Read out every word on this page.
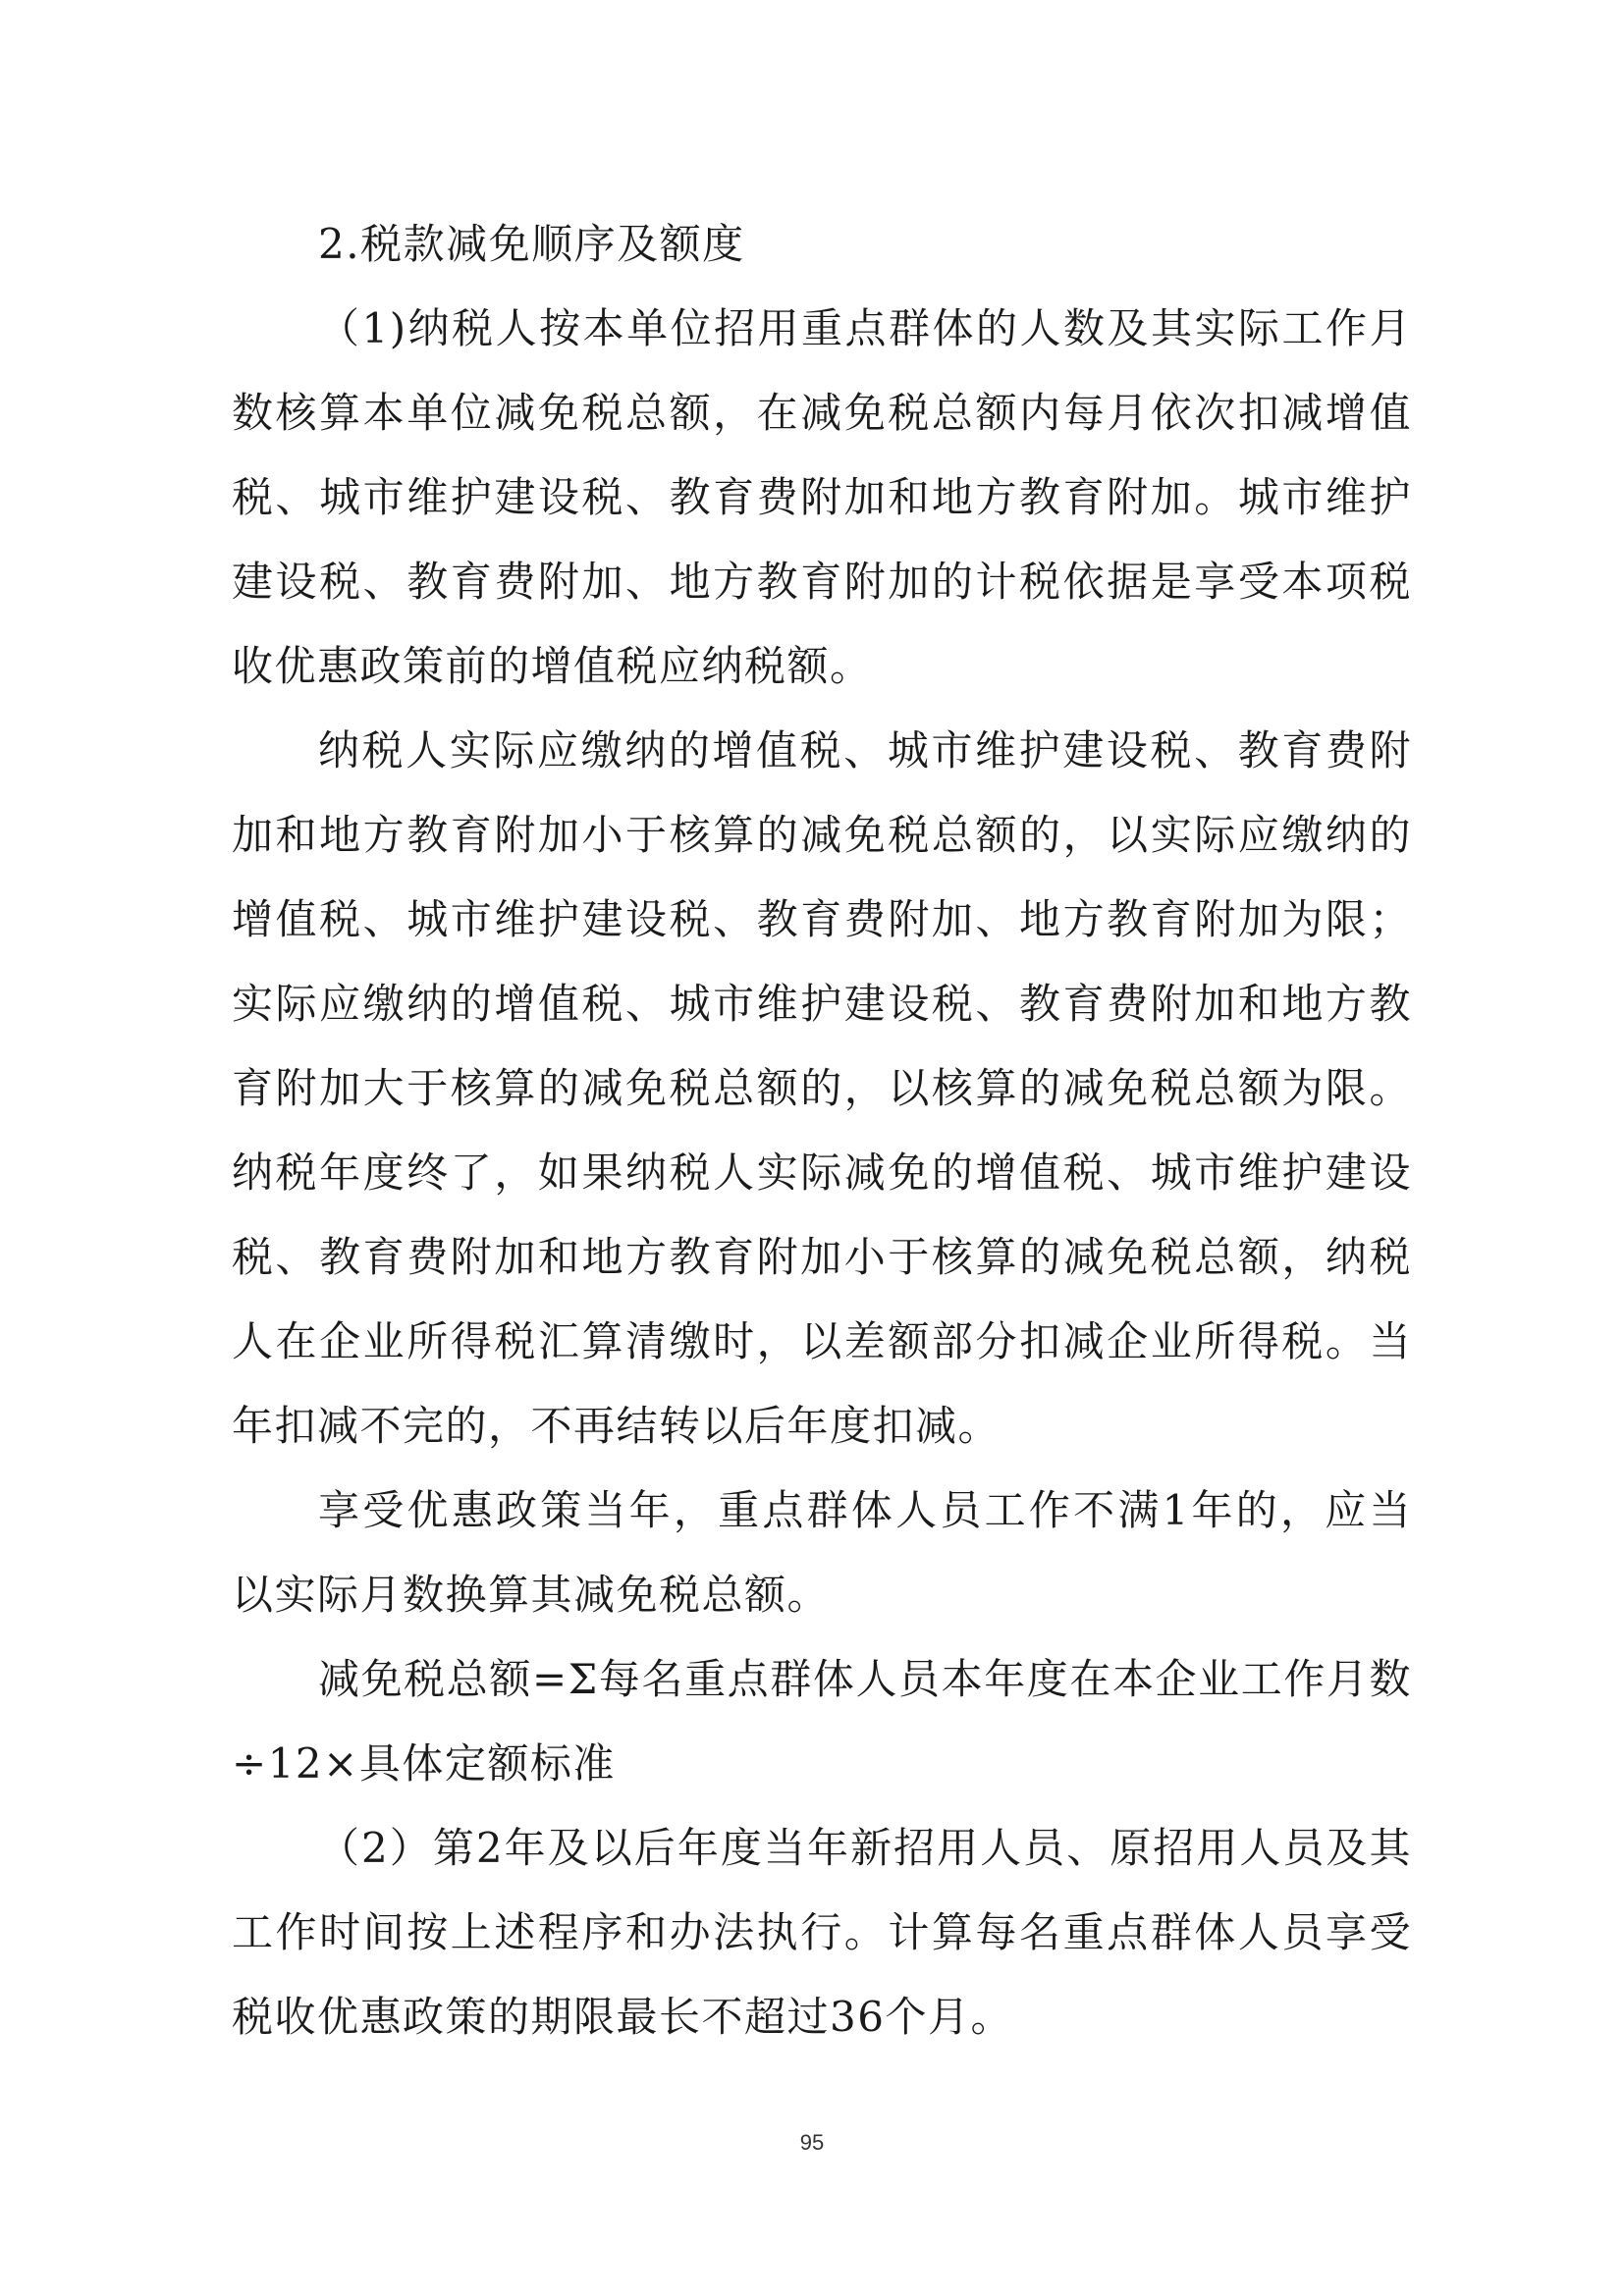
2.税款减免顺序及额度

（1)纳税人按本单位招用重点群体的人数及其实际工作月数核算本单位减免税总额，在减免税总额内每月依次扣减增值税、城市维护建设税、教育费附加和地方教育附加。城市维护建设税、教育费附加、地方教育附加的计税依据是享受本项税收优惠政策前的增值税应纳税额。

纳税人实际应缴纳的增值税、城市维护建设税、教育费附加和地方教育附加小于核算的减免税总额的，以实际应缴纳的增值税、城市维护建设税、教育费附加、地方教育附加为限；实际应缴纳的增值税、城市维护建设税、教育费附加和地方教育附加大于核算的减免税总额的，以核算的减免税总额为限。纳税年度终了，如果纳税人实际减免的增值税、城市维护建设税、教育费附加和地方教育附加小于核算的减免税总额，纳税人在企业所得税汇算清缴时，以差额部分扣减企业所得税。当年扣减不完的，不再结转以后年度扣减。

享受优惠政策当年，重点群体人员工作不满1年的，应当以实际月数换算其减免税总额。

减免税总额=Σ每名重点群体人员本年度在本企业工作月数÷12×具体定额标准

（2）第2年及以后年度当年新招用人员、原招用人员及其工作时间按上述程序和办法执行。计算每名重点群体人员享受税收优惠政策的期限最长不超过36个月。

95
